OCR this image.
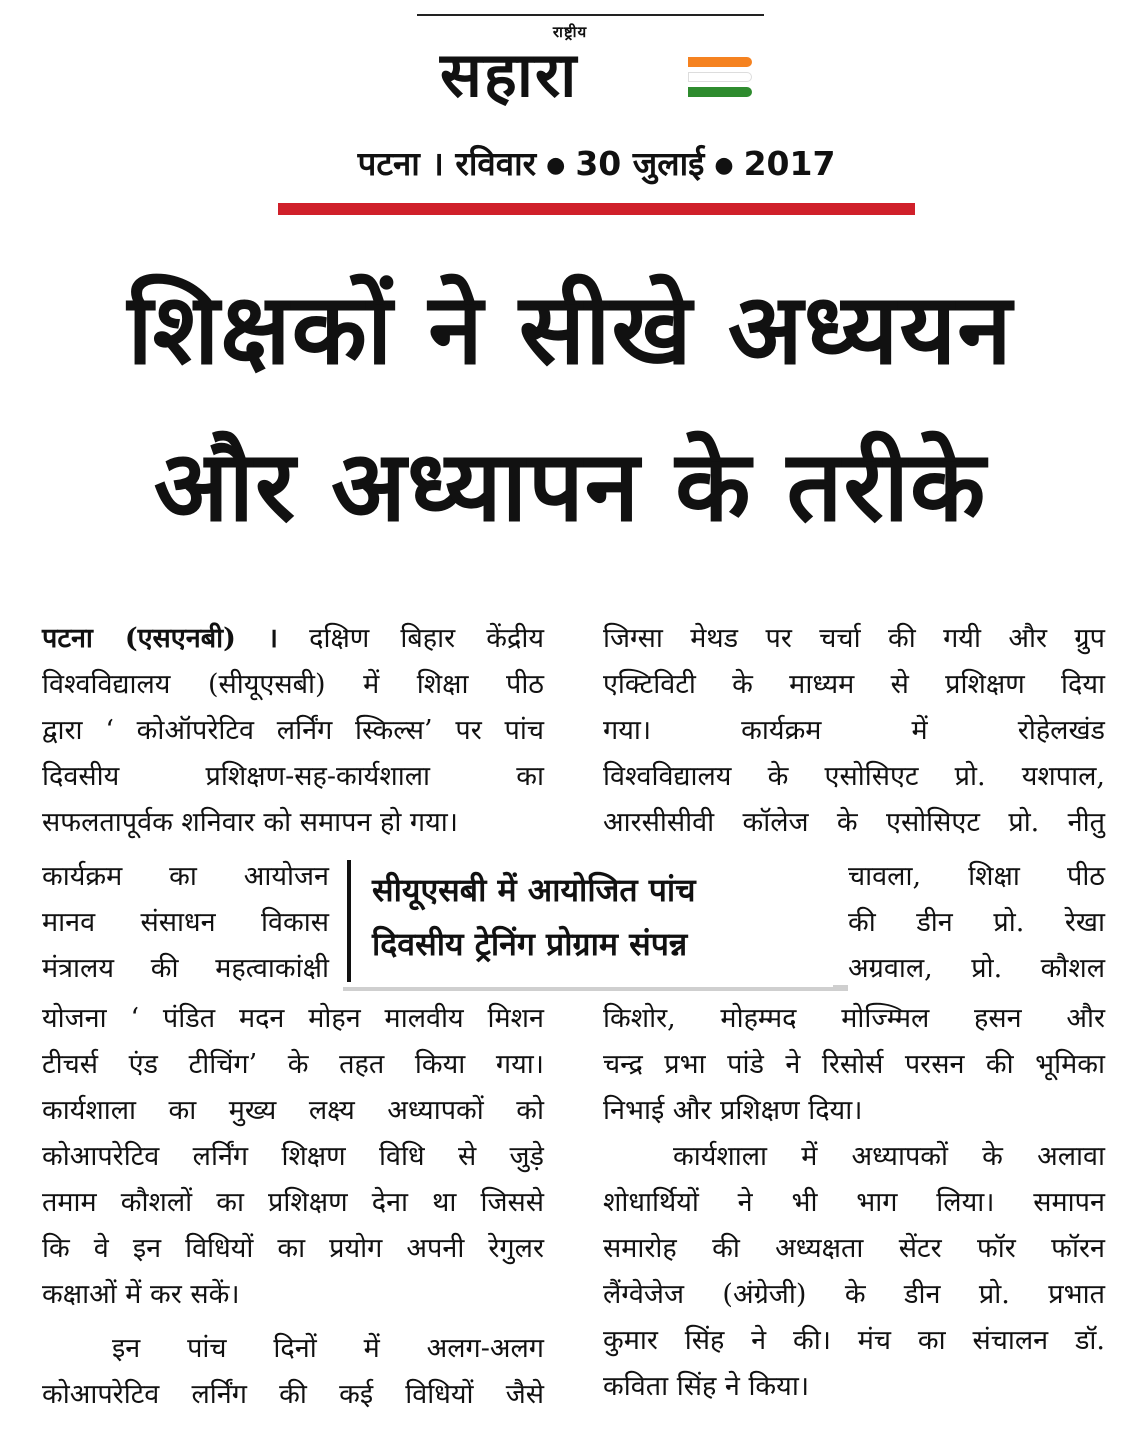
राष्ट्रीय
सहारा
पटना । रविवार ● 30 जुलाई ● 2017
शिक्षकों ने सीखे अध्ययन
और अध्यापन के तरीके
पटना (एसएनबी) । दक्षिण बिहार केंद्रीय
विश्वविद्यालय (सीयूएसबी) में शिक्षा पीठ
द्वारा ‘ कोऑपरेटिव लर्निंग स्किल्स’ पर पांच
दिवसीय प्रशिक्षण-सह-कार्यशाला का
सफलतापूर्वक शनिवार को समापन हो गया।
कार्यक्रम का आयोजन
मानव संसाधन विकास
मंत्रालय की महत्वाकांक्षी
योजना ‘ पंडित मदन मोहन मालवीय मिशन
टीचर्स एंड टीचिंग’ के तहत किया गया।
कार्यशाला का मुख्य लक्ष्य अध्यापकों को
कोआपरेटिव लर्निंग शिक्षण विधि से जुड़े
तमाम कौशलों का प्रशिक्षण देना था जिससे
कि वे इन विधियों का प्रयोग अपनी रेगुलर
कक्षाओं में कर सकें।
इन पांच दिनों में अलग-अलग
कोआपरेटिव लर्निंग की कई विधियों जैसे
जिग्सा मेथड पर चर्चा की गयी और ग्रुप
एक्टिविटी के माध्यम से प्रशिक्षण दिया
गया। कार्यक्रम में रोहेलखंड
विश्वविद्यालय के एसोसिएट प्रो. यशपाल,
आरसीसीवी कॉलेज के एसोसिएट प्रो. नीतु
चावला, शिक्षा पीठ
की डीन प्रो. रेखा
अग्रवाल, प्रो. कौशल
किशोर, मोहम्मद मोज्म्मिल हसन और
चन्द्र प्रभा पांडे ने रिसोर्स परसन की भूमिका
निभाई और प्रशिक्षण दिया।
कार्यशाला में अध्यापकों के अलावा
शोधार्थियों ने भी भाग लिया। समापन
समारोह की अध्यक्षता सेंटर फॉर फॉरन
लैंग्वेजेज (अंग्रेजी) के डीन प्रो. प्रभात
कुमार सिंह ने की। मंच का संचालन डॉ.
कविता सिंह ने किया।
सीयूएसबी में आयोजित पांच
दिवसीय ट्रेनिंग प्रोग्राम संपन्न
